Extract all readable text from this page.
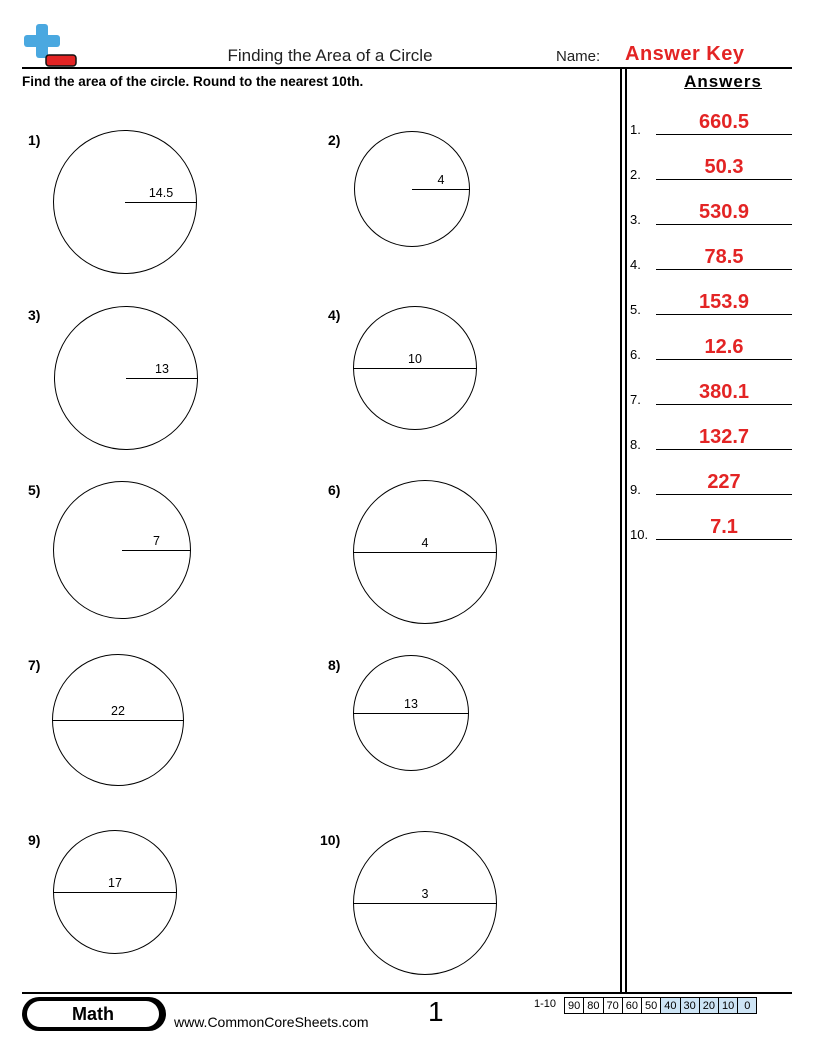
Finding the Area of a Circle	Name: Answer Key
Find the area of the circle. Round to the nearest 10th.
1)
14.5
2)
4
3)
13
4)
10
5)
7
6)
4
7)
22
8)
13
9)
17
10)
3
Answers
1.	660.5
2.	50.3
3.	530.9
4.	78.5
5.	153.9
6.	12.6
7.	380.1
8.	132.7
9.	227
10.	7.1
Math	www.CommonCoreSheets.com 1	1-10 90	80	70	60	50	40	30	20	10	0
